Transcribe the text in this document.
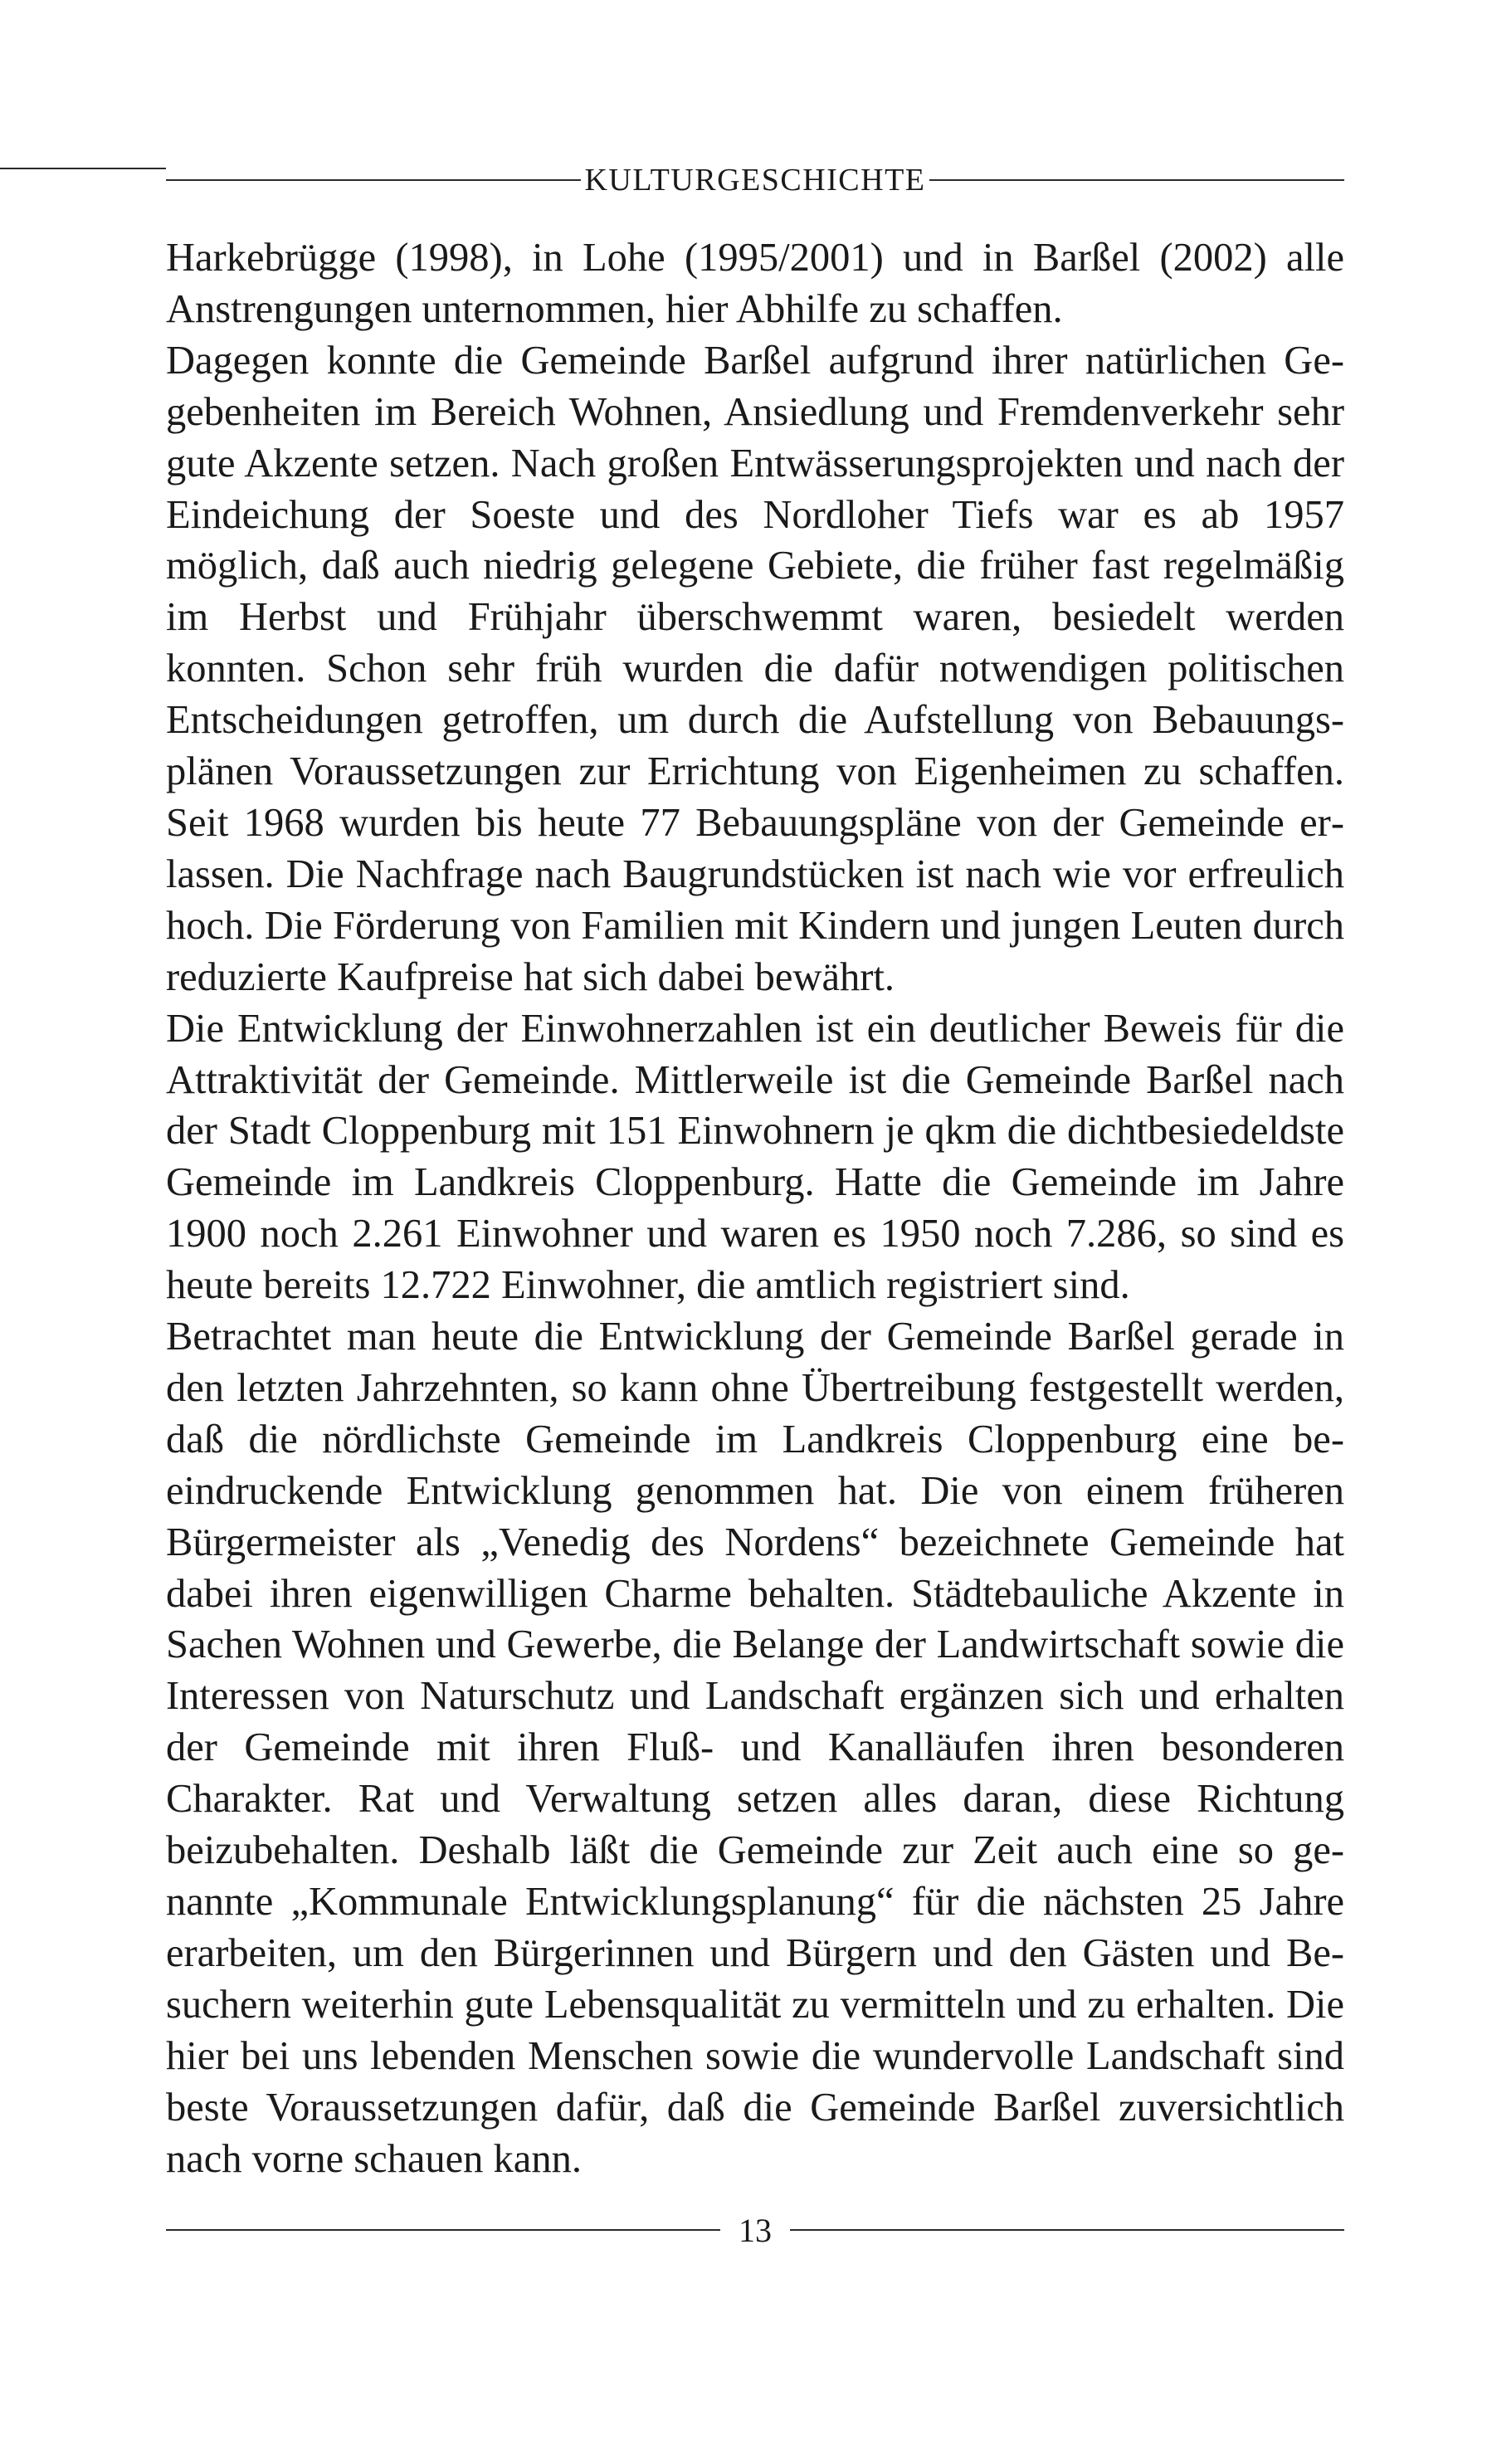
KULTURGESCHICHTE

Harkebrügge (1998), in Lohe (1995/2001) und in Barßel (2002) alle Anstrengungen unternommen, hier Abhilfe zu schaffen.

Dagegen konnte die Gemeinde Barßel aufgrund ihrer natürlichen Gegebenheiten im Bereich Wohnen, Ansiedlung und Fremdenverkehr sehr gute Akzente setzen. Nach großen Entwässerungsprojekten und nach der Eindeichung der Soeste und des Nordloher Tiefs war es ab 1957 möglich, daß auch niedrig gelegene Gebiete, die früher fast regelmäßig im Herbst und Frühjahr überschwemmt waren, besiedelt werden konnten. Schon sehr früh wurden die dafür notwendigen politischen Entscheidungen getroffen, um durch die Aufstellung von Bebauungsplänen Voraussetzungen zur Errichtung von Eigenheimen zu schaffen. Seit 1968 wurden bis heute 77 Bebauungspläne von der Gemeinde erlassen. Die Nachfrage nach Baugrundstücken ist nach wie vor erfreulich hoch. Die Förderung von Familien mit Kindern und jungen Leuten durch reduzierte Kaufpreise hat sich dabei bewährt.

Die Entwicklung der Einwohnerzahlen ist ein deutlicher Beweis für die Attraktivität der Gemeinde. Mittlerweile ist die Gemeinde Barßel nach der Stadt Cloppenburg mit 151 Einwohnern je qkm die dichtbesiedeldste Gemeinde im Landkreis Cloppenburg. Hatte die Gemeinde im Jahre 1900 noch 2.261 Einwohner und waren es 1950 noch 7.286, so sind es heute bereits 12.722 Einwohner, die amtlich registriert sind.

Betrachtet man heute die Entwicklung der Gemeinde Barßel gerade in den letzten Jahrzehnten, so kann ohne Übertreibung festgestellt werden, daß die nördlichste Gemeinde im Landkreis Cloppenburg eine beeindruckende Entwicklung genommen hat. Die von einem früheren Bürgermeister als „Venedig des Nordens“ bezeichnete Gemeinde hat dabei ihren eigenwilligen Charme behalten. Städtebauliche Akzente in Sachen Wohnen und Gewerbe, die Belange der Landwirtschaft sowie die Interessen von Naturschutz und Landschaft ergänzen sich und erhalten der Gemeinde mit ihren Fluß- und Kanalläufen ihren besonderen Charakter. Rat und Verwaltung setzen alles daran, diese Richtung beizubehalten. Deshalb läßt die Gemeinde zur Zeit auch eine so genannte „Kommunale Entwicklungsplanung“ für die nächsten 25 Jahre erarbeiten, um den Bürgerinnen und Bürgern und den Gästen und Besuchern weiterhin gute Lebensqualität zu vermitteln und zu erhalten. Die hier bei uns lebenden Menschen sowie die wundervolle Landschaft sind beste Voraussetzungen dafür, daß die Gemeinde Barßel zuversichtlich nach vorne schauen kann.

13
